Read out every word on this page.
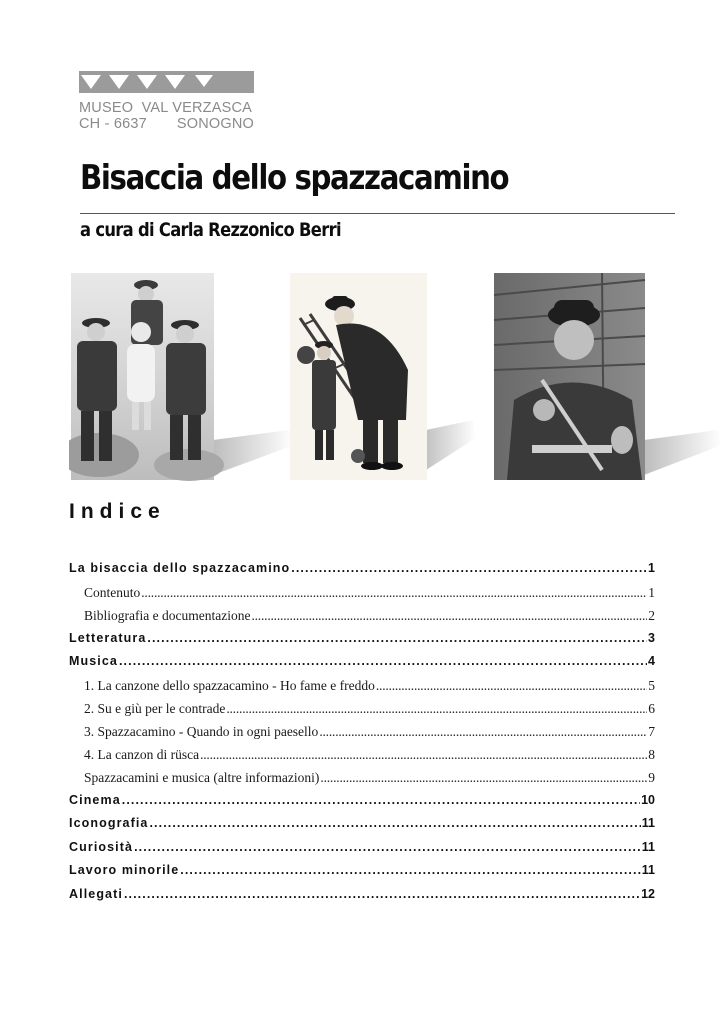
MUSEO  VAL VERZASCA
CH - 6637 SONOGNO
Bisaccia dello spazzacamino
a cura di Carla Rezzonico Berri
Indice
La bisaccia dello spazzacamino .....	1
Contenuto .....	1
Bibliografia e documentazione .....	2
Letteratura .....	3
Musica .....	4
1. La canzone dello spazzacamino - Ho fame e freddo .....	5
2. Su e giù per le contrade .....	6
3. Spazzacamino - Quando in ogni paesello .....	7
4. La canzon di rüsca .....	8
Spazzacamini e musica (altre informazioni) .....	9
Cinema .....	10
Iconografia .....	11
Curiosità .....	11
Lavoro minorile .....	11
Allegati .....	12
